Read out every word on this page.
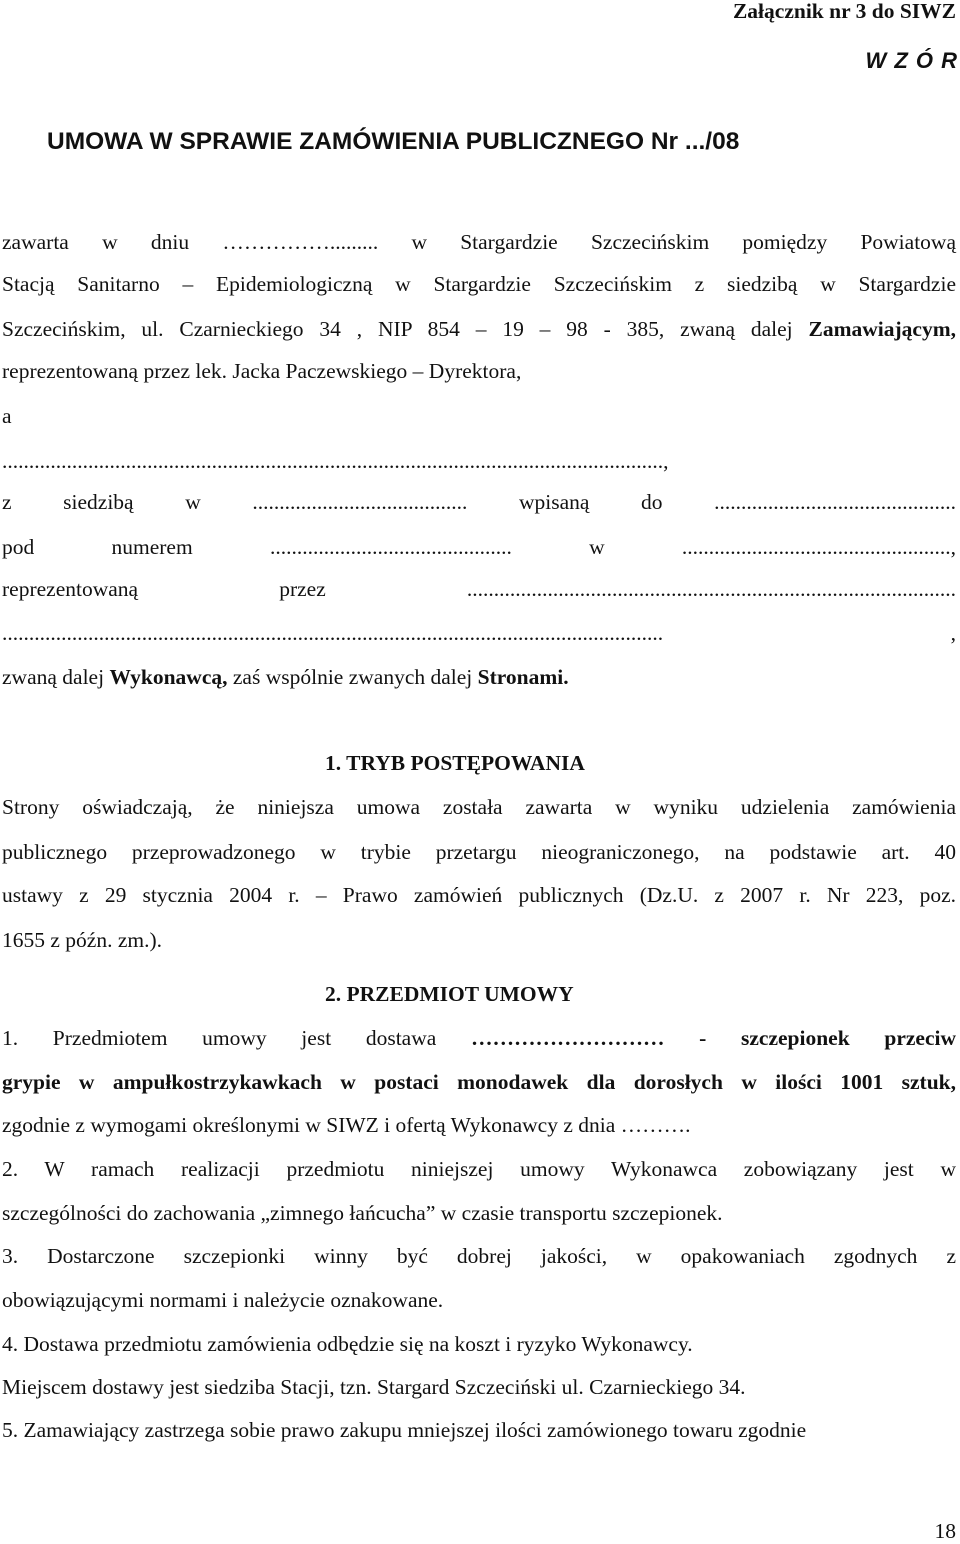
Załącznik nr 3 do SIWZ
W Z Ó R
UMOWA W SPRAWIE ZAMÓWIENIA PUBLICZNEGO Nr .../08
zawarta w dniu ……………......... w Stargardzie Szczecińskim pomiędzy Powiatową
Stacją Sanitarno – Epidemiologiczną w Stargardzie Szczecińskim z siedzibą w Stargardzie
Szczecińskim, ul. Czarnieckiego 34 , NIP 854 – 19 – 98 - 385, zwaną dalej Zamawiającym,
reprezentowaną przez lek. Jacka Paczewskiego – Dyrektora,
a
...........................................................................................................................,
z siedzibą w ........................................ wpisaną do .............................................
pod numerem ............................................. w ..................................................,
reprezentowaną przez ...........................................................................................
........................................................................................................................... ,
zwaną dalej Wykonawcą, zaś wspólnie zwanych dalej Stronami.
1. TRYB POSTĘPOWANIA
Strony oświadczają, że niniejsza umowa została zawarta w wyniku udzielenia zamówienia
publicznego przeprowadzonego w trybie przetargu nieograniczonego, na podstawie art. 40
ustawy z 29 stycznia 2004 r. – Prawo zamówień publicznych (Dz.U. z 2007 r. Nr 223, poz.
1655 z późn. zm.).
2. PRZEDMIOT UMOWY
1. Przedmiotem umowy jest dostawa ……………………… - szczepionek przeciw
grypie w ampułkostrzykawkach w postaci monodawek dla dorosłych w ilości 1001 sztuk,
zgodnie z wymogami określonymi w SIWZ i ofertą Wykonawcy z dnia ……….
2. W ramach realizacji przedmiotu niniejszej umowy Wykonawca zobowiązany jest w
szczególności do zachowania „zimnego łańcucha” w czasie transportu szczepionek.
3. Dostarczone szczepionki winny być dobrej jakości, w opakowaniach zgodnych z
obowiązującymi normami i należycie oznakowane.
4. Dostawa przedmiotu zamówienia odbędzie się na koszt i ryzyko Wykonawcy.
Miejscem dostawy jest siedziba Stacji, tzn. Stargard Szczeciński ul. Czarnieckiego 34.
5. Zamawiający zastrzega sobie prawo zakupu mniejszej ilości zamówionego towaru zgodnie
18
